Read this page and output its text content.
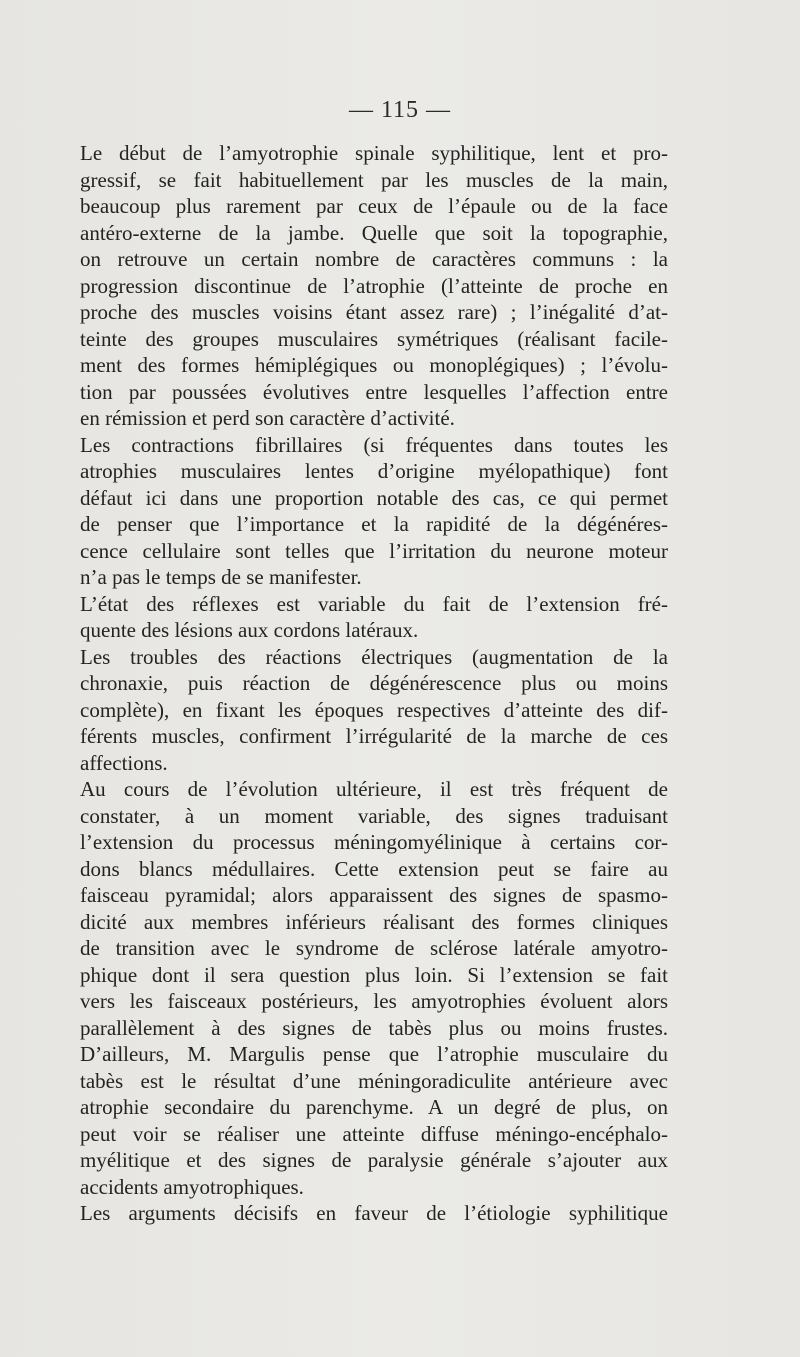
— 115 —
Le début de l’amyotrophie spinale syphilitique, lent et pro-
gressif, se fait habituellement par les muscles de la main,
beaucoup plus rarement par ceux de l’épaule ou de la face
antéro-externe de la jambe. Quelle que soit la topographie,
on retrouve un certain nombre de caractères communs : la
progression discontinue de l’atrophie (l’atteinte de proche en
proche des muscles voisins étant assez rare) ; l’inégalité d’at-
teinte des groupes musculaires symétriques (réalisant facile-
ment des formes hémiplégiques ou monoplégiques) ; l’évolu-
tion par poussées évolutives entre lesquelles l’affection entre
en rémission et perd son caractère d’activité.
Les contractions fibrillaires (si fréquentes dans toutes les
atrophies musculaires lentes d’origine myélopathique) font
défaut ici dans une proportion notable des cas, ce qui permet
de penser que l’importance et la rapidité de la dégénéres-
cence cellulaire sont telles que l’irritation du neurone moteur
n’a pas le temps de se manifester.
L’état des réflexes est variable du fait de l’extension fré-
quente des lésions aux cordons latéraux.
Les troubles des réactions électriques (augmentation de la
chronaxie, puis réaction de dégénérescence plus ou moins
complète), en fixant les époques respectives d’atteinte des dif-
férents muscles, confirment l’irrégularité de la marche de ces
affections.
Au cours de l’évolution ultérieure, il est très fréquent de
constater, à un moment variable, des signes traduisant
l’extension du processus méningomyélinique à certains cor-
dons blancs médullaires. Cette extension peut se faire au
faisceau pyramidal; alors apparaissent des signes de spasmo-
dicité aux membres inférieurs réalisant des formes cliniques
de transition avec le syndrome de sclérose latérale amyotro-
phique dont il sera question plus loin. Si l’extension se fait
vers les faisceaux postérieurs, les amyotrophies évoluent alors
parallèlement à des signes de tabès plus ou moins frustes.
D’ailleurs, M. Margulis pense que l’atrophie musculaire du
tabès est le résultat d’une méningoradiculite antérieure avec
atrophie secondaire du parenchyme. A un degré de plus, on
peut voir se réaliser une atteinte diffuse méningo-encéphalo-
myélitique et des signes de paralysie générale s’ajouter aux
accidents amyotrophiques.
Les arguments décisifs en faveur de l’étiologie syphilitique
